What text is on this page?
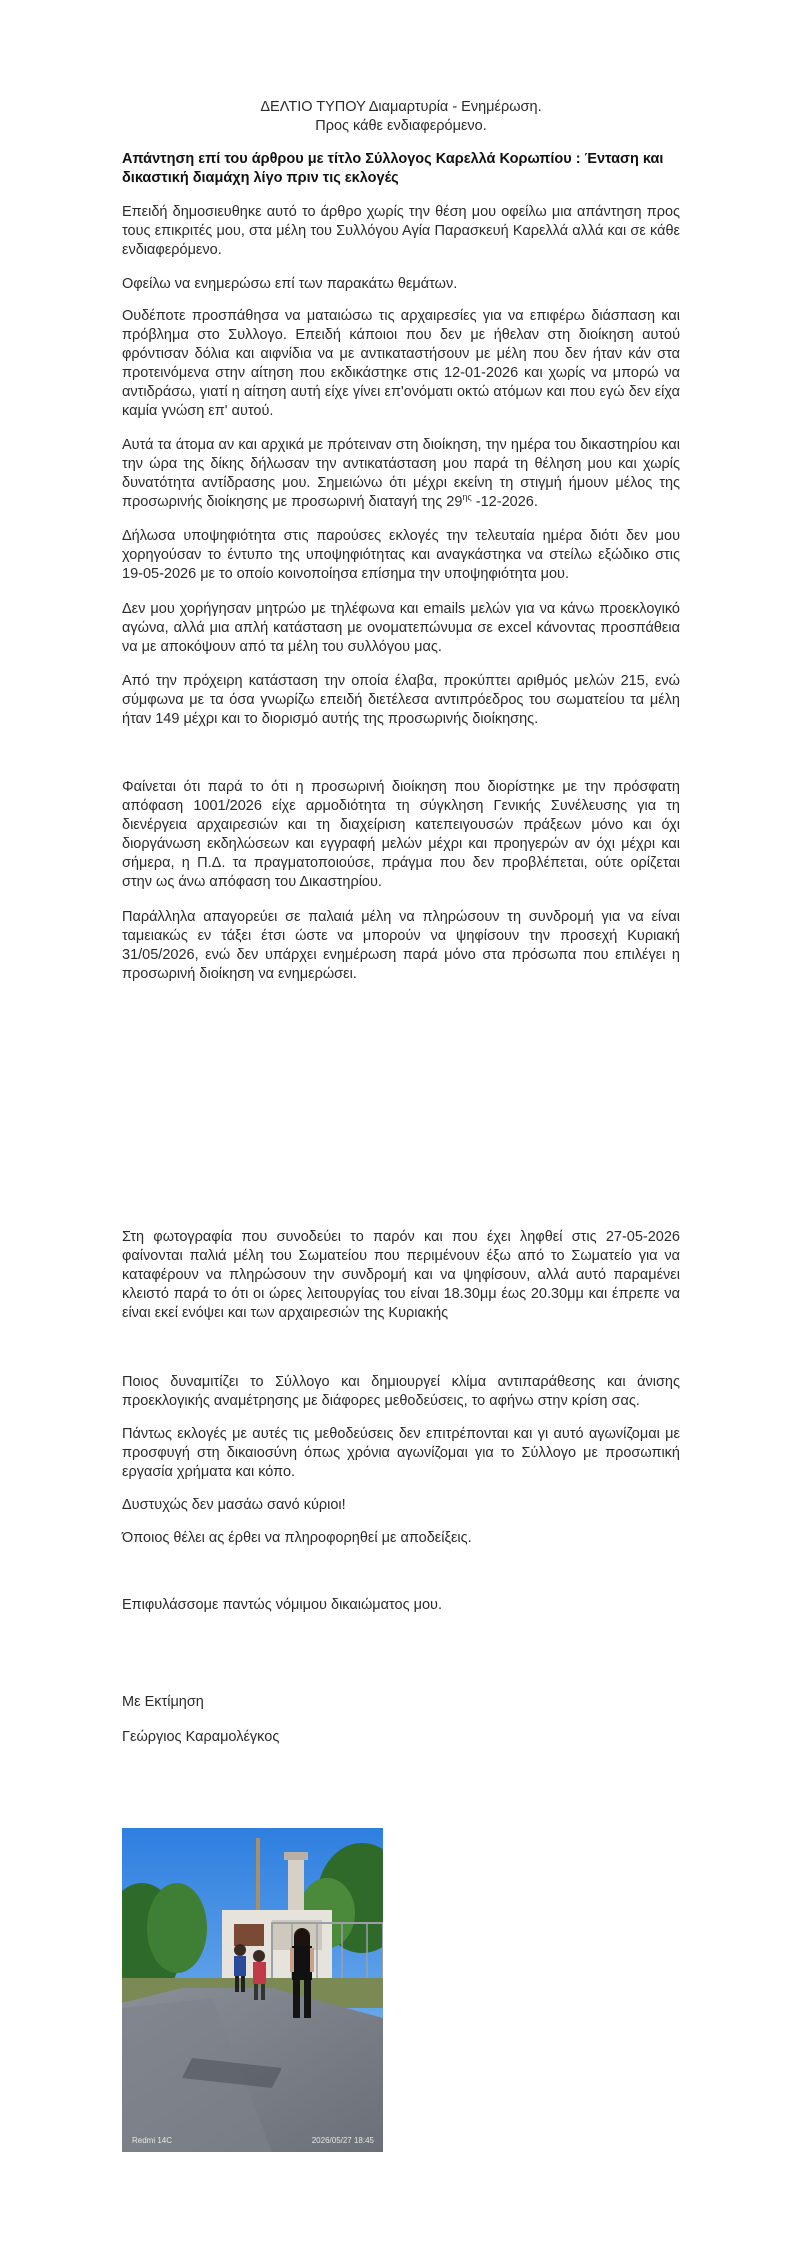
ΔΕΛΤΙΟ ΤΥΠΟΥ Διαμαρτυρία - Ενημέρωση.
Προς κάθε ενδιαφερόμενο.
Απάντηση επί του άρθρου με τίτλο Σύλλογος Καρελλά Κορωπίου : Ένταση και δικαστική διαμάχη λίγο πριν τις εκλογές

Επειδή δημοσιευθηκε αυτό το άρθρο χωρίς την θέση μου οφείλω μια απάντηση προς τους επικριτές μου, στα μέλη του Συλλόγου Αγία Παρασκευή Καρελλά αλλά και σε κάθε ενδιαφερόμενο.

Οφείλω να ενημερώσω επί των παρακάτω θεμάτων.

Ουδέποτε προσπάθησα να ματαιώσω τις αρχαιρεσίες για να επιφέρω διάσπαση και πρόβλημα στο Συλλογο. Επειδή κάποιοι που δεν με ήθελαν στη διοίκηση αυτού φρόντισαν δόλια και αιφνίδια να με αντικαταστήσουν με μέλη που δεν ήταν κάν στα προτεινόμενα στην αίτηση που εκδικάστηκε στις 12-01-2026 και χωρίς να μπορώ να αντιδράσω, γιατί η αίτηση αυτή είχε γίνει επ'ονόματι οκτώ ατόμων και που εγώ δεν είχα καμία γνώση επ' αυτού.

Αυτά τα άτομα αν και αρχικά με πρότειναν στη διοίκηση, την ημέρα του δικαστηρίου και την ώρα της δίκης δήλωσαν την αντικατάσταση μου παρά τη θέληση μου και χωρίς δυνατότητα αντίδρασης μου. Σημειώνω ότι μέχρι εκείνη τη στιγμή ήμουν μέλος της προσωρινής διοίκησης με προσωρινή διαταγή της $29^{\eta\varsigma}$ -12-2026.

Δήλωσα υποψηφιότητα στις παρούσες εκλογές την τελευταία ημέρα διότι δεν μου χορηγούσαν το έντυπο της υποψηφιότητας και αναγκάστηκα να στείλω εξώδικο στις 19-05-2026 με το οποίο κοινοποίησα επίσημα την υποψηφιότητα μου.

Δεν μου χορήγησαν μητρώο με τηλέφωνα και emails μελών για να κάνω προεκλογικό αγώνα, αλλά μια απλή κατάσταση με ονοματεπώνυμα σε excel κάνοντας προσπάθεια να με αποκόψουν από τα μέλη του συλλόγου μας.

Από την πρόχειρη κατάσταση την οποία έλαβα, προκύπτει αριθμός μελών 215, ενώ σύμφωνα με τα όσα γνωρίζω επειδή διετέλεσα αντιπρόεδρος του σωματείου τα μέλη ήταν 149 μέχρι και το διορισμό αυτής της προσωρινής διοίκησης.

Φαίνεται ότι παρά το ότι η προσωρινή διοίκηση που διορίστηκε με την πρόσφατη απόφαση 1001/2026 είχε αρμοδιότητα τη σύγκληση Γενικής Συνέλευσης για τη διενέργεια αρχαιρεσιών και τη διαχείριση κατεπειγουσών πράξεων μόνο και όχι διοργάνωση εκδηλώσεων και εγγραφή μελών μέχρι και προηγερών αν όχι μέχρι και σήμερα, η Π.Δ. τα πραγματοποιούσε, πράγμα που δεν προβλέπεται, ούτε ορίζεται στην ως άνω απόφαση του Δικαστηρίου.

Παράλληλα απαγορεύει σε παλαιά μέλη να πληρώσουν τη συνδρομή για να είναι ταμειακώς εν τάξει έτσι ώστε να μπορούν να ψηφίσουν την προσεχή Κυριακή 31/05/2026, ενώ δεν υπάρχει ενημέρωση παρά μόνο στα πρόσωπα που επιλέγει η προσωρινή διοίκηση να ενημερώσει.

Στη φωτογραφία που συνοδεύει το παρόν και που έχει ληφθεί στις 27-05-2026 φαίνονται παλιά μέλη του Σωματείου που περιμένουν έξω από το Σωματείο για να καταφέρουν να πληρώσουν την συνδρομή και να ψηφίσουν, αλλά αυτό παραμένει κλειστό παρά το ότι οι ώρες λειτουργίας του είναι 18.30μμ έως 20.30μμ και έπρεπε να είναι εκεί ενόψει και των αρχαιρεσιών της Κυριακής

Ποιος δυναμιτίζει το Σύλλογο και δημιουργεί κλίμα αντιπαράθεσης και άνισης προεκλογικής αναμέτρησης με διάφορες μεθοδεύσεις, το αφήνω στην κρίση σας.

Πάντως εκλογές με αυτές τις μεθοδεύσεις δεν επιτρέπονται και γι αυτό αγωνίζομαι με προσφυγή στη δικαιοσύνη όπως χρόνια αγωνίζομαι για το Σύλλογο με προσωπική εργασία χρήματα και κόπο.

Δυστυχώς δεν μασάω σανό κύριοι!

Όποιος θέλει ας έρθει να πληροφορηθεί με αποδείξεις.

Επιφυλάσσομε παντώς νόμιμου δικαιώματος μου.

Με Εκτίμηση
Γεώργιος Καραμολέγκος
Redmi 14C	2026/05/27 18:45
